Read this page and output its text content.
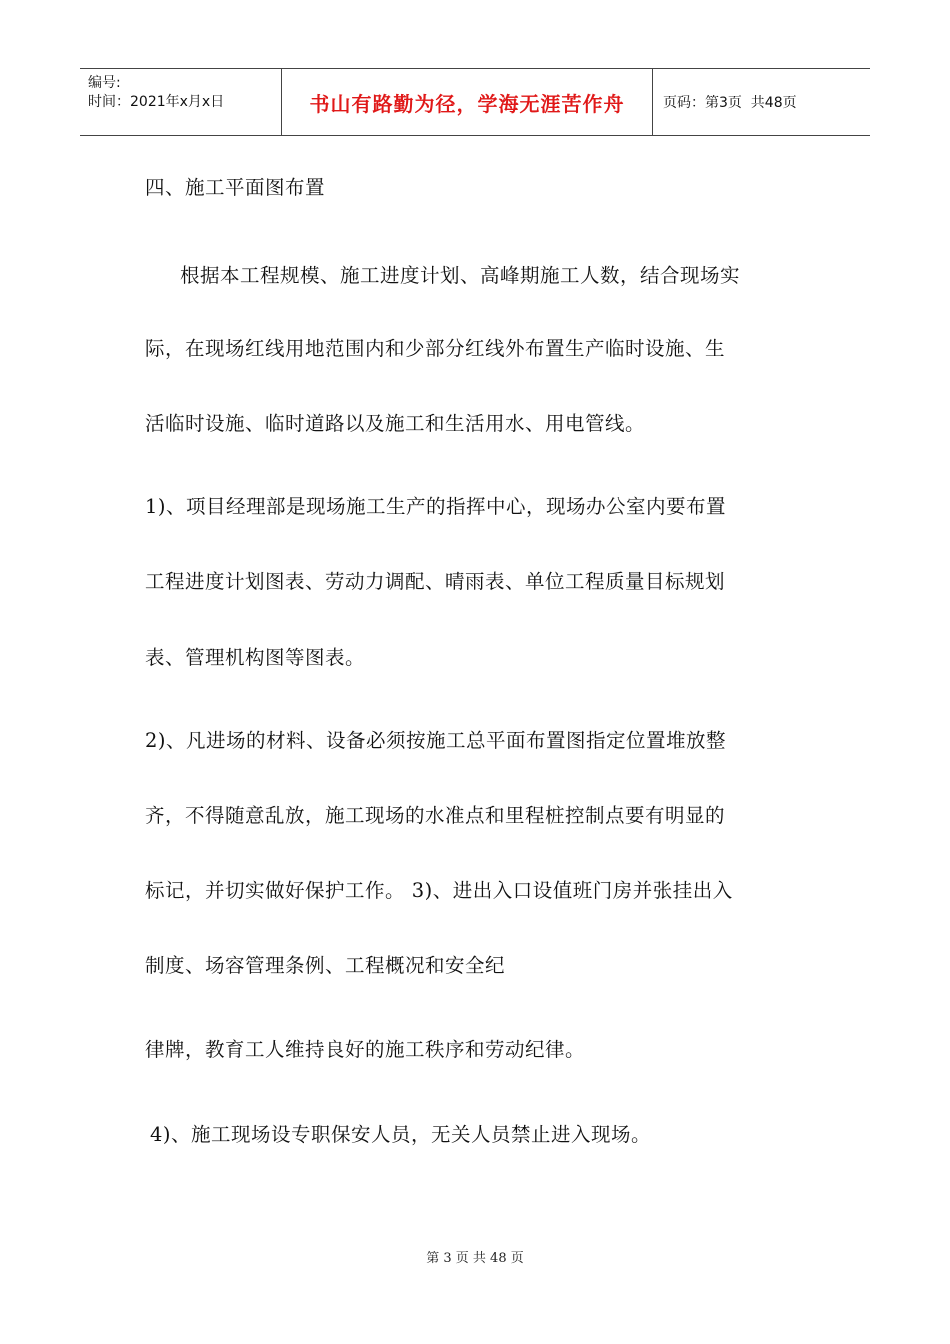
编号:
时间：2021年x月x日	书山有路勤为径，学海无涯苦作舟	页码：第3页  共48页
四、施工平面图布置
根据本工程规模、施工进度计划、高峰期施工人数，结合现场实
际，在现场红线用地范围内和少部分红线外布置生产临时设施、生
活临时设施、临时道路以及施工和生活用水、用电管线。
1)、项目经理部是现场施工生产的指挥中心，现场办公室内要布置
工程进度计划图表、劳动力调配、晴雨表、单位工程质量目标规划
表、管理机构图等图表。
2)、凡进场的材料、设备必须按施工总平面布置图指定位置堆放整
齐，不得随意乱放，施工现场的水准点和里程桩控制点要有明显的
标记，并切实做好保护工作。 3)、进出入口设值班门房并张挂出入
制度、场容管理条例、工程概况和安全纪
律牌，教育工人维持良好的施工秩序和劳动纪律。
4)、施工现场设专职保安人员，无关人员禁止进入现场。
第 3 页 共 48 页
